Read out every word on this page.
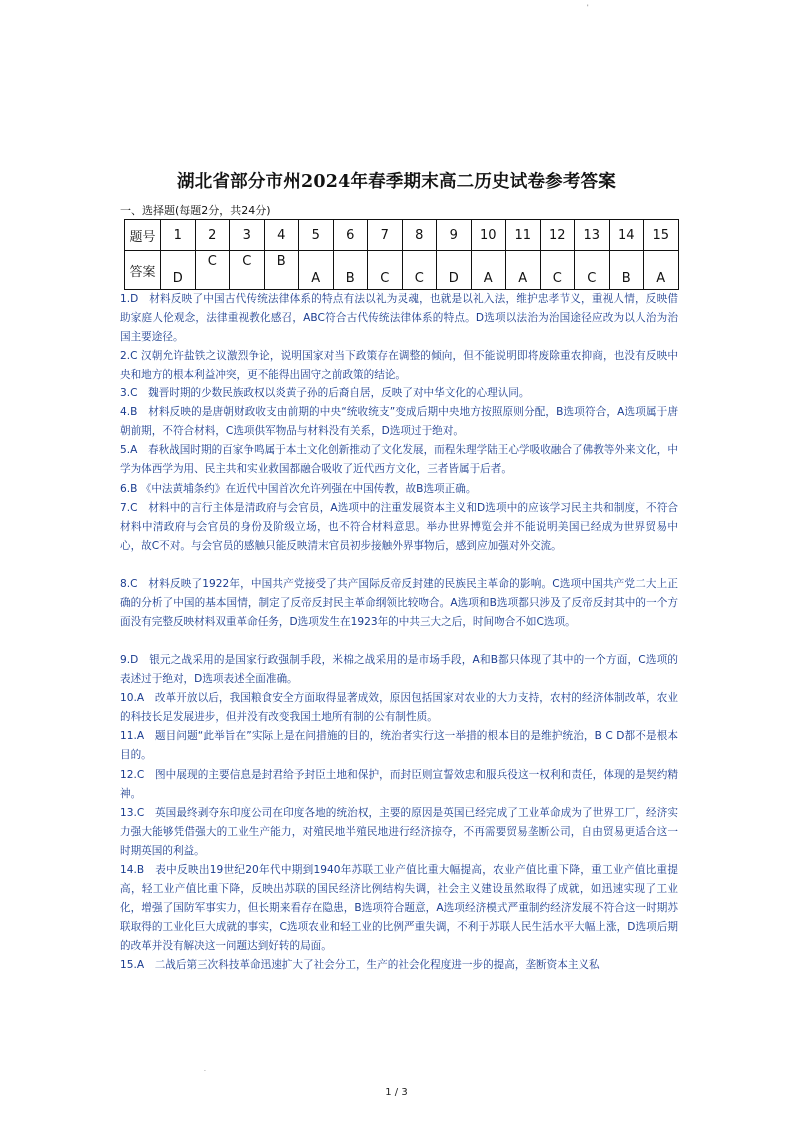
'
湖北省部分市州2024年春季期末高二历史试卷参考答案
一、选择题(每题2分，共24分)
题号	1	2	3	4	5	6	7	8	9	10	11	12	13	14	15
答案	D	C	C	B	A	B	C	C	D	A	A	C	C	B	A

1.D　材料反映了中国古代传统法律体系的特点有法以礼为灵魂，也就是以礼入法，维护忠孝节义，重视人情，反映借助家庭人伦观念，法律重视教化感召，ABC符合古代传统法律体系的特点。D选项以法治为治国途径应改为以人治为治国主要途径。

2.C 汉朝允许盐铁之议激烈争论，说明国家对当下政策存在调整的倾向，但不能说明即将废除重农抑商，也没有反映中央和地方的根本利益冲突，更不能得出固守之前政策的结论。

3.C　魏晋时期的少数民族政权以炎黄子孙的后裔自居，反映了对中华文化的心理认同。

4.B　材料反映的是唐朝财政收支由前期的中央“统收统支”变成后期中央地方按照原则分配，B选项符合，A选项属于唐朝前期，不符合材料，C选项供军物品与材料没有关系，D选项过于绝对。

5.A　春秋战国时期的百家争鸣属于本土文化创新推动了文化发展，而程朱理学陆王心学吸收融合了佛教等外来文化，中学为体西学为用、民主共和实业救国都融合吸收了近代西方文化，三者皆属于后者。

6.B 《中法黄埔条约》在近代中国首次允许列强在中国传教，故B选项正确。

7.C　材料中的言行主体是清政府与会官员，A选项中的注重发展资本主义和D选项中的应该学习民主共和制度，不符合材料中清政府与会官员的身份及阶级立场，也不符合材料意思。举办世界博览会并不能说明美国已经成为世界贸易中心，故C不对。与会官员的感触只能反映清末官员初步接触外界事物后，感到应加强对外交流。

8.C　材料反映了1922年，中国共产党接受了共产国际反帝反封建的民族民主革命的影响。C选项中国共产党二大上正确的分析了中国的基本国情，制定了反帝反封民主革命纲领比较吻合。A选项和B选项都只涉及了反帝反封其中的一个方面没有完整反映材料双重革命任务，D选项发生在1923年的中共三大之后，时间吻合不如C选项。

9.D　银元之战采用的是国家行政强制手段，米棉之战采用的是市场手段，A和B都只体现了其中的一个方面，C选项的表述过于绝对，D选项表述全面准确。

10.A　改革开放以后，我国粮食安全方面取得显著成效，原因包括国家对农业的大力支持，农村的经济体制改革，农业的科技长足发展进步，但并没有改变我国土地所有制的公有制性质。

11.A　题目问题“此举旨在”实际上是在问措施的目的，统治者实行这一举措的根本目的是维护统治，B C D都不是根本目的。

12.C　图中展现的主要信息是封君给予封臣土地和保护，而封臣则宣誓效忠和服兵役这一权利和责任，体现的是契约精神。

13.C　英国最终剥夺东印度公司在印度各地的统治权，主要的原因是英国已经完成了工业革命成为了世界工厂，经济实力强大能够凭借强大的工业生产能力，对殖民地半殖民地进行经济掠夺，不再需要贸易垄断公司，自由贸易更适合这一时期英国的利益。

14.B　表中反映出19世纪20年代中期到1940年苏联工业产值比重大幅提高，农业产值比重下降，重工业产值比重提高，轻工业产值比重下降，反映出苏联的国民经济比例结构失调，社会主义建设虽然取得了成就，如迅速实现了工业化，增强了国防军事实力，但长期来看存在隐患，B选项符合题意，A选项经济模式严重制约经济发展不符合这一时期苏联取得的工业化巨大成就的事实，C选项农业和轻工业的比例严重失调，不利于苏联人民生活水平大幅上涨，D选项后期的改革并没有解决这一问题达到好转的局面。

15.A　二战后第三次科技革命迅速扩大了社会分工，生产的社会化程度进一步的提高，垄断资本主义私

.
1 / 3
